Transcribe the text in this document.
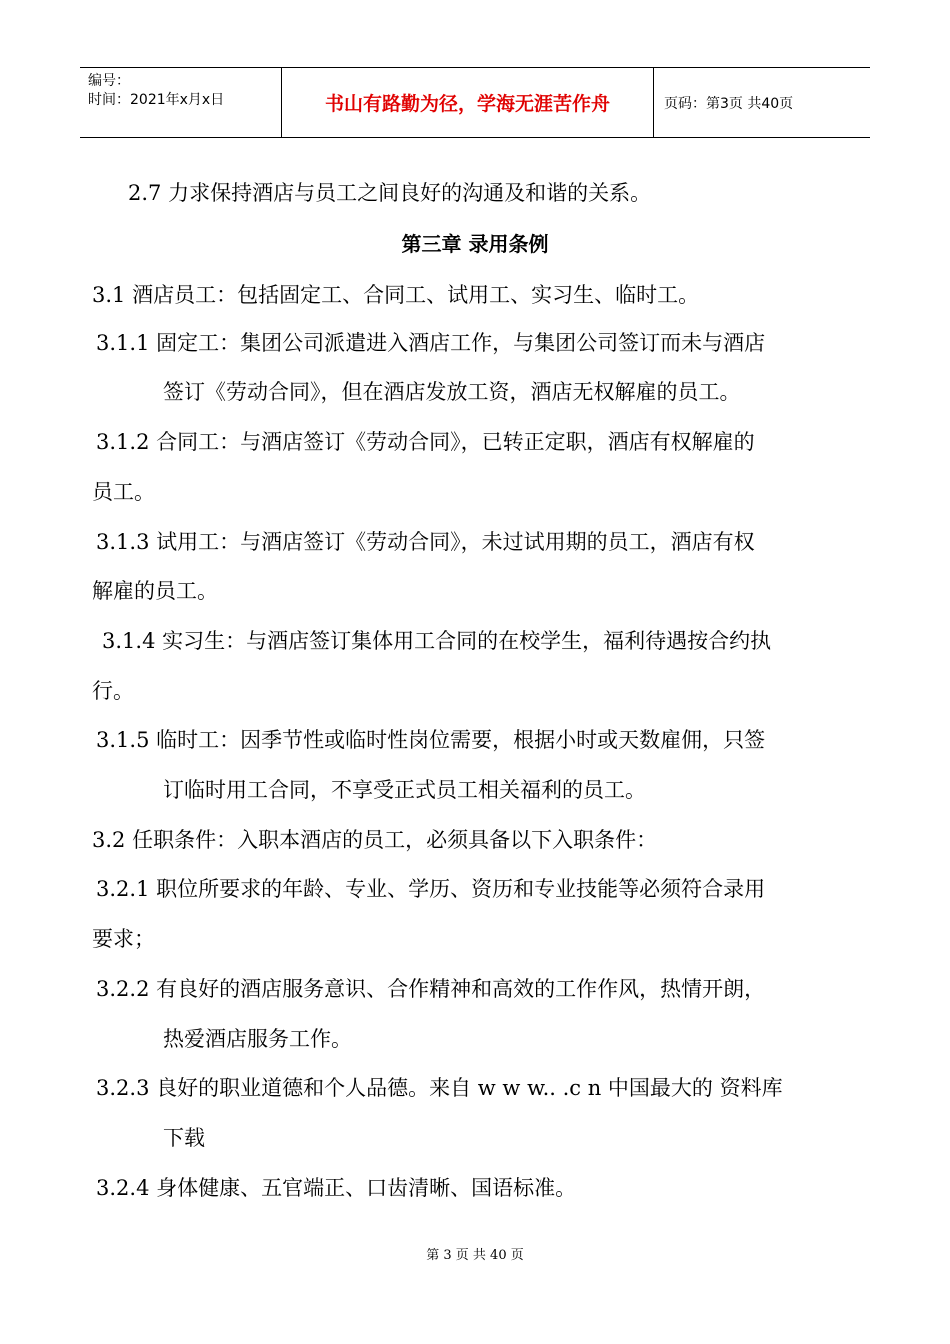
编号：
时间：2021年x月x日	书山有路勤为径，学海无涯苦作舟	页码：第3页 共40页
2.7 力求保持酒店与员工之间良好的沟通及和谐的关系。
第三章 录用条例
3.1 酒店员工：包括固定工、合同工、试用工、实习生、临时工。
3.1.1 固定工：集团公司派遣进入酒店工作，与集团公司签订而未与酒店
签订《劳动合同》，但在酒店发放工资，酒店无权解雇的员工。
3.1.2 合同工：与酒店签订《劳动合同》，已转正定职，酒店有权解雇的
员工。
3.1.3 试用工：与酒店签订《劳动合同》，未过试用期的员工，酒店有权
解雇的员工。
3.1.4 实习生：与酒店签订集体用工合同的在校学生，福利待遇按合约执
行。
3.1.5 临时工：因季节性或临时性岗位需要，根据小时或天数雇佣，只签
订临时用工合同，不享受正式员工相关福利的员工。
3.2 任职条件：入职本酒店的员工，必须具备以下入职条件：
3.2.1 职位所要求的年龄、专业、学历、资历和专业技能等必须符合录用
要求；
3.2.2 有良好的酒店服务意识、合作精神和高效的工作作风，热情开朗，
热爱酒店服务工作。
3.2.3 良好的职业道德和个人品德。来自 w w w.. .c n 中国最大的 资料库
下载
3.2.4 身体健康、五官端正、口齿清晰、国语标准。
第 3 页 共 40 页
